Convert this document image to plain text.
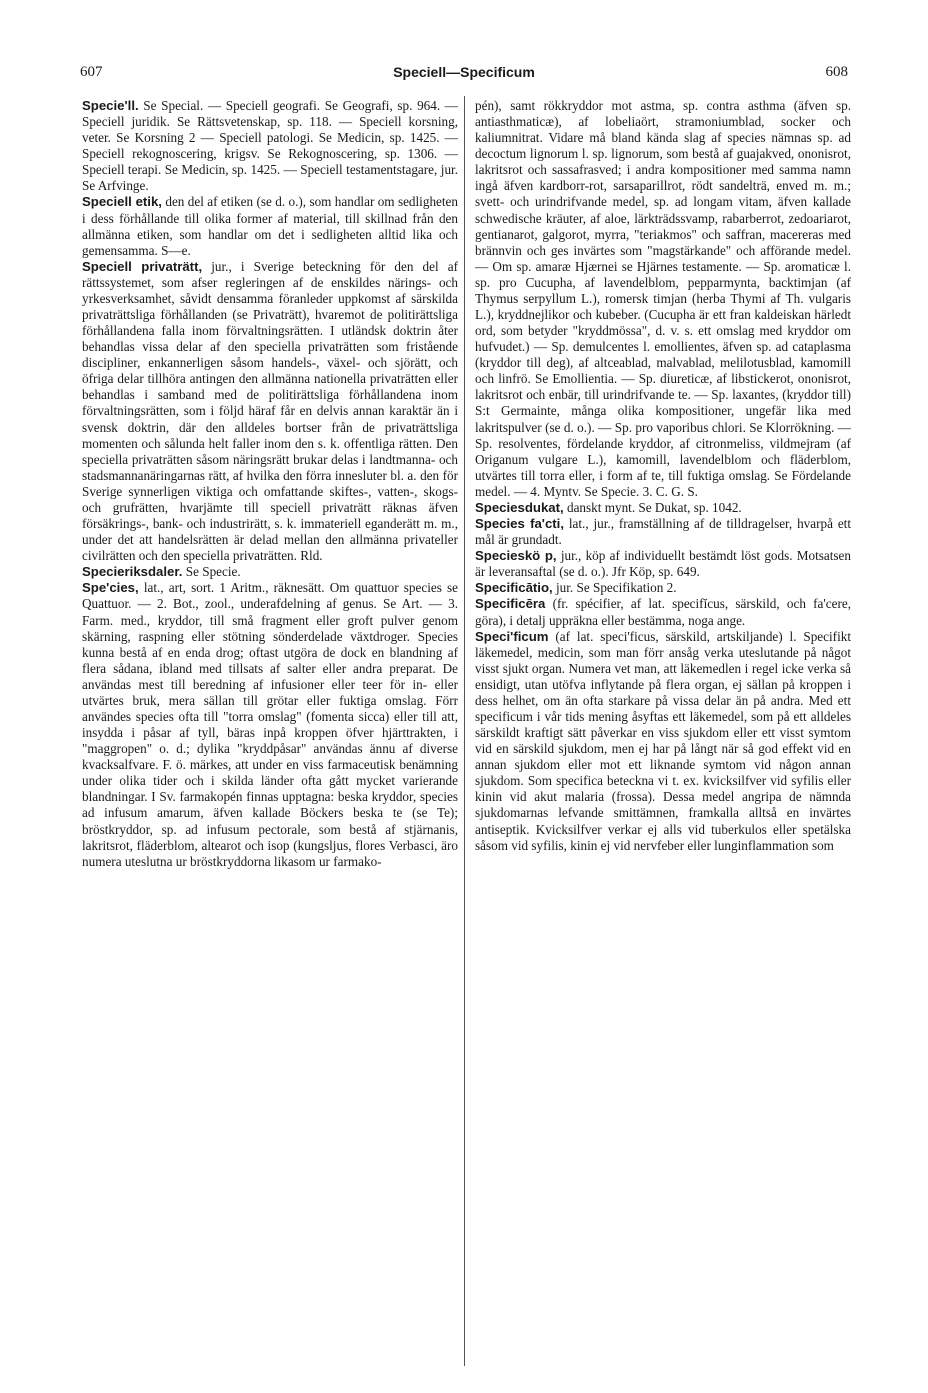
607	Speciell—Specificum	608

Specie'll. Se Special. — Speciell geografi. Se Geografi, sp. 964. — Speciell juridik. Se Rättsvetenskap, sp. 118. — Speciell korsning, veter. Se Korsning 2 — Speciell patologi. Se Medicin, sp. 1425. — Speciell rekognoscering, krigsv. Se Rekognoscering, sp. 1306. — Speciell terapi. Se Medicin, sp. 1425. — Speciell testamentstagare, jur. Se Arfvinge.

Speciell etik, den del af etiken (se d. o.), som handlar om sedligheten i dess förhållande till olika former af material, till skillnad från den allmänna etiken, som handlar om det i sedligheten alltid lika och gemensamma. S—e.

Speciell privaträtt, jur., i Sverige beteckning för den del af rättssystemet, som afser regleringen af de enskildes närings- och yrkesverksamhet, såvidt densamma föranleder uppkomst af särskilda privaträttsliga förhållanden (se Privaträtt), hvaremot de politirättsliga förhållandena falla inom förvaltningsrätten. I utländsk doktrin åter behandlas vissa delar af den speciella privaträtten som fristående discipliner, enkannerligen såsom handels-, växel- och sjörätt, och öfriga delar tillhöra antingen den allmänna nationella privaträtten eller behandlas i samband med de politirättsliga förhållandena inom förvaltningsrätten, som i följd häraf får en delvis annan karaktär än i svensk doktrin, där den alldeles bortser från de privaträttsliga momenten och sålunda helt faller inom den s. k. offentliga rätten. Den speciella privaträtten såsom näringsrätt brukar delas i landtmanna- och stadsmannanäringarnas rätt, af hvilka den förra innesluter bl. a. den för Sverige synnerligen viktiga och omfattande skiftes-, vatten-, skogs- och grufrätten, hvarjämte till speciell privaträtt räknas äfven försäkrings-, bank- och industrirätt, s. k. immateriell eganderätt m. m., under det att handelsrätten är delad mellan den allmänna privateller civilrätten och den speciella privaträtten. Rld.

Specieriksdaler. Se Specie.

Spe'cies, lat., art, sort. 1 Aritm., räknesätt. Om quattuor species se Quattuor. — 2. Bot., zool., underafdelning af genus. Se Art. — 3. Farm. med., kryddor, till små fragment eller groft pulver genom skärning, raspning eller stötning sönderdelade växtdroger. Species kunna bestå af en enda drog; oftast utgöra de dock en blandning af flera sådana, ibland med tillsats af salter eller andra preparat. De användas mest till beredning af infusioner eller teer för in- eller utvärtes bruk, mera sällan till grötar eller fuktiga omslag. Förr användes species ofta till "torra omslag" (fomenta sicca) eller till att, insydda i påsar af tyll, bäras inpå kroppen öfver hjärttrakten, i "maggropen" o. d.; dylika "kryddpåsar" användas ännu af diverse kvacksalfvare. F. ö. märkes, att under en viss farmaceutisk benämning under olika tider och i skilda länder ofta gått mycket varierande blandningar. I Sv. farmakopén finnas upptagna: beska kryddor, species ad infusum amarum, äfven kallade Böckers beska te (se Te); bröstkryddor, sp. ad infusum pectorale, som bestå af stjärnanis, lakritsrot, fläderblom, altearot och isop (kungsljus, flores Verbasci, äro numera uteslutna ur bröstkryddorna likasom ur farmako-

pén), samt rökkryddor mot astma, sp. contra asthma (äfven sp. antiasthmaticæ), af lobeliaört, stramoniumblad, socker och kaliumnitrat. Vidare må bland kända slag af species nämnas sp. ad decoctum lignorum l. sp. lignorum, som bestå af guajakved, ononisrot, lakritsrot och sassafrasved; i andra kompositioner med samma namn ingå äfven kardborr-rot, sarsaparillrot, rödt sandelträ, enved m. m.; svett- och urindrifvande medel, sp. ad longam vitam, äfven kallade schwedische kräuter, af aloe, lärkträdssvamp, rabarberrot, zedoariarot, gentianarot, galgorot, myrra, "teriakmos" och saffran, macereras med brännvin och ges invärtes som "magstärkande" och afförande medel. — Om sp. amaræ Hjærnei se Hjärnes testamente. — Sp. aromaticæ l. sp. pro Cucupha, af lavendelblom, pepparmynta, backtimjan (af Thymus serpyllum L.), romersk timjan (herba Thymi af Th. vulgaris L.), kryddnejlikor och kubeber. (Cucupha är ett fran kaldeiskan härledt ord, som betyder "kryddmössa", d. v. s. ett omslag med kryddor om hufvudet.) — Sp. demulcentes l. emollientes, äfven sp. ad cataplasma (kryddor till deg), af altceablad, malvablad, melilotusblad, kamomill och linfrö. Se Emollientia. — Sp. diureticæ, af libstickerot, ononisrot, lakritsrot och enbär, till urindrifvande te. — Sp. laxantes, (kryddor till) S:t Germainte, många olika kompositioner, ungefär lika med lakritspulver (se d. o.). — Sp. pro vaporibus chlori. Se Klorrökning. — Sp. resolventes, fördelande kryddor, af citronmeliss, vildmejram (af Origanum vulgare L.), kamomill, lavendelblom och fläderblom, utvärtes till torra eller, i form af te, till fuktiga omslag. Se Fördelande medel. — 4. Myntv. Se Specie. 3. C. G. S.

Speciesdukat, danskt mynt. Se Dukat, sp. 1042.

Species fa'cti, lat., jur., framställning af de tilldragelser, hvarpå ett mål är grundadt.

Specieskö p, jur., köp af individuellt bestämdt löst gods. Motsatsen är leveransaftal (se d. o.). Jfr Köp, sp. 649.

Specificātio, jur. Se Specifikation 2.

Specificēra (fr. spécifier, af lat. specifĭcus, särskild, och fa'cere, göra), i detalj uppräkna eller bestämma, noga ange.

Speci'ficum (af lat. speci'ficus, särskild, artskiljande) l. Specifikt läkemedel, medicin, som man förr ansåg verka uteslutande på något visst sjukt organ. Numera vet man, att läkemedlen i regel icke verka så ensidigt, utan utöfva inflytande på flera organ, ej sällan på kroppen i dess helhet, om än ofta starkare på vissa delar än på andra. Med ett specificum i vår tids mening åsyftas ett läkemedel, som på ett alldeles särskildt kraftigt sätt påverkar en viss sjukdom eller ett visst symtom vid en särskild sjukdom, men ej har på långt när så god effekt vid en annan sjukdom eller mot ett liknande symtom vid någon annan sjukdom. Som specifica betecknа vi t. ex. kvicksilfver vid syfilis eller kinin vid akut malaria (frossa). Dessa medel angripa de nämnda sjukdomarnas lefvande smittämnen, framkalla alltså en invärtes antiseptik. Kvicksilfver verkar ej alls vid tuberkulos eller spetälska såsom vid syfilis, kinin ej vid nervfeber eller lunginflammation som
